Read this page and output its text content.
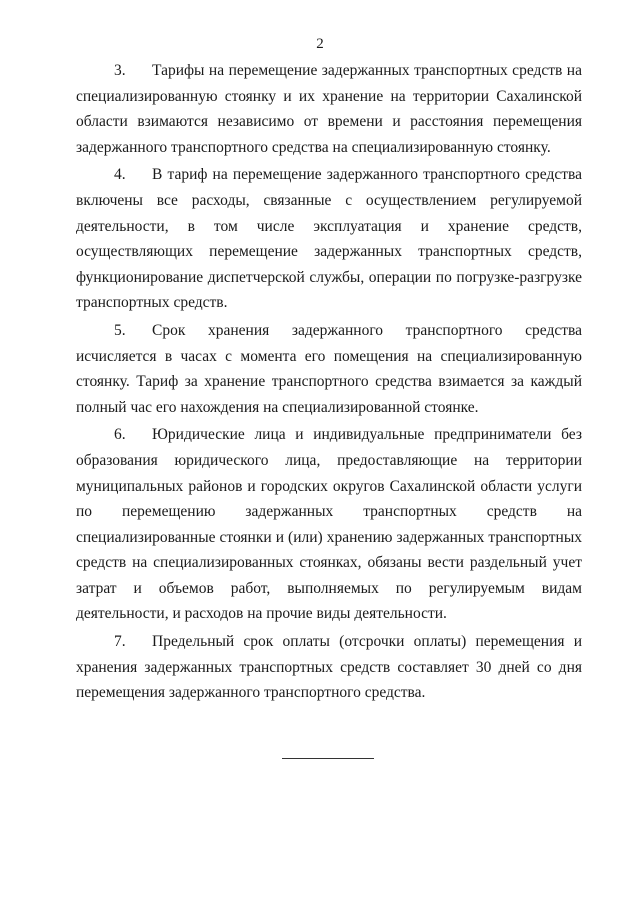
2

3. Тарифы на перемещение задержанных транспортных средств на специализированную стоянку и их хранение на территории Сахалинской области взимаются независимо от времени и расстояния перемещения задержанного транспортного средства на специализированную стоянку.

4. В тариф на перемещение задержанного транспортного средства включены все расходы, связанные с осуществлением регулируемой деятельности, в том числе эксплуатация и хранение средств, осуществляющих перемещение задержанных транспортных средств, функционирование диспетчерской службы, операции по погрузке-разгрузке транспортных средств.

5. Срок хранения задержанного транспортного средства исчисляется в часах с момента его помещения на специализированную стоянку. Тариф за хранение транспортного средства взимается за каждый полный час его нахождения на специализированной стоянке.

6. Юридические лица и индивидуальные предприниматели без образования юридического лица, предоставляющие на территории муниципальных районов и городских округов Сахалинской области услуги по перемещению задержанных транспортных средств на специализированные стоянки и (или) хранению задержанных транспортных средств на специализированных стоянках, обязаны вести раздельный учет затрат и объемов работ, выполняемых по регулируемым видам деятельности, и расходов на прочие виды деятельности.

7. Предельный срок оплаты (отсрочки оплаты) перемещения и хранения задержанных транспортных средств составляет 30 дней со дня перемещения задержанного транспортного средства.
